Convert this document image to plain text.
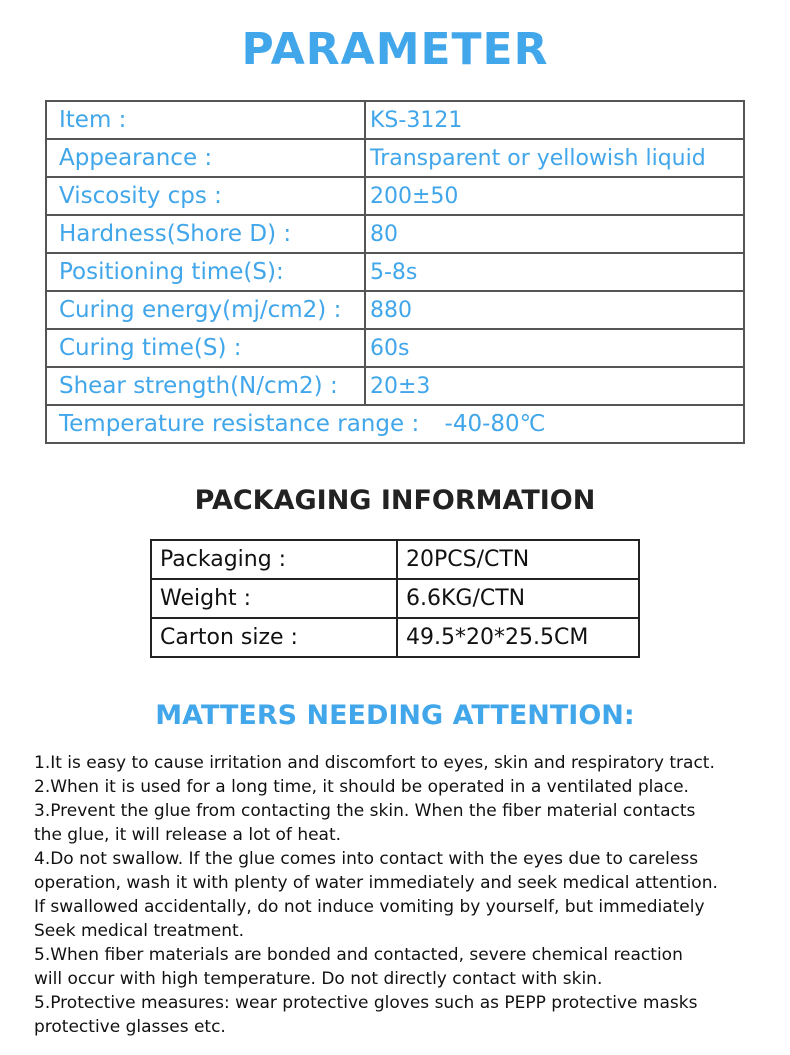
PARAMETER
Item :	KS-3121
Appearance :	Transparent or yellowish liquid
Viscosity cps :	200±50
Hardness(Shore D) :	80
Positioning time(S):	5-8s
Curing energy(mj/cm2) :	880
Curing time(S) :	60s
Shear strength(N/cm2) :	20±3
Temperature resistance range : -40-80℃	
PACKAGING INFORMATION
Packaging :	20PCS/CTN
Weight :	6.6KG/CTN
Carton size :	49.5*20*25.5CM
MATTERS NEEDING ATTENTION:
1.It is easy to cause irritation and discomfort to eyes, skin and respiratory tract.
2.When it is used for a long time, it should be operated in a ventilated place.
3.Prevent the glue from contacting the skin. When the fiber material contacts
the glue, it will release a lot of heat.
4.Do not swallow. If the glue comes into contact with the eyes due to careless
operation, wash it with plenty of water immediately and seek medical attention.
If swallowed accidentally, do not induce vomiting by yourself, but immediately
Seek medical treatment.
5.When fiber materials are bonded and contacted, severe chemical reaction
will occur with high temperature. Do not directly contact with skin.
5.Protective measures: wear protective gloves such as PEPP protective masks
protective glasses etc.
